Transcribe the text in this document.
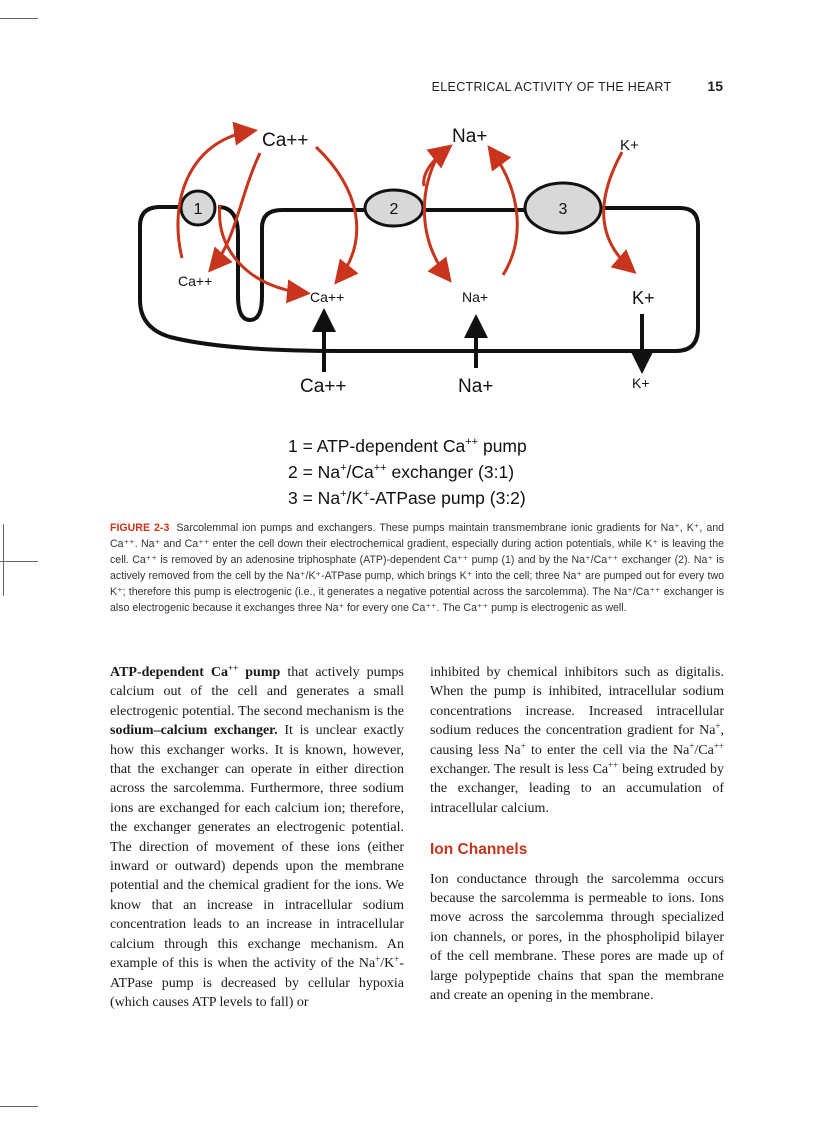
ELECTRICAL ACTIVITY OF THE HEART	15
1	2	3
Ca++	Na+	K+
Ca++
Ca++	Na+	K+
Ca++	Na+	K+
1 = ATP-dependent Ca++ pump
2 = Na+/Ca++ exchanger (3:1)
3 = Na+/K+-ATPase pump (3:2)
FIGURE 2-3 Sarcolemmal ion pumps and exchangers. These pumps maintain transmembrane ionic gradients for Na⁺, K⁺, and Ca⁺⁺. Na⁺ and Ca⁺⁺ enter the cell down their electrochemical gradient, especially during action potentials, while K⁺ is leaving the cell. Ca⁺⁺ is removed by an adenosine triphosphate (ATP)-dependent Ca⁺⁺ pump (1) and by the Na⁺/Ca⁺⁺ exchanger (2). Na⁺ is actively removed from the cell by the Na⁺/K⁺-ATPase pump, which brings K⁺ into the cell; three Na⁺ are pumped out for every two K⁺; therefore this pump is electrogenic (i.e., it generates a negative potential across the sarcolemma). The Na⁺/Ca⁺⁺ exchanger is also electrogenic because it exchanges three Na⁺ for every one Ca⁺⁺. The Ca⁺⁺ pump is electrogenic as well.

ATP-dependent Ca++ pump that actively pumps calcium out of the cell and generates a small electrogenic potential. The second mechanism is the sodium–calcium exchanger. It is unclear exactly how this exchanger works. It is known, however, that the exchanger can operate in either direction across the sarcolemma. Furthermore, three sodium ions are exchanged for each calcium ion; therefore, the exchanger generates an electrogenic potential. The direction of movement of these ions (either inward or outward) depends upon the membrane potential and the chemical gradient for the ions. We know that an increase in intracellular sodium concentration leads to an increase in intracellular calcium through this exchange mechanism. An example of this is when the activity of the Na+/K+-ATPase pump is decreased by cellular hypoxia (which causes ATP levels to fall) or

inhibited by chemical inhibitors such as digitalis. When the pump is inhibited, intracellular sodium concentrations increase. Increased intracellular sodium reduces the concentration gradient for Na+, causing less Na+ to enter the cell via the Na+/Ca++ exchanger. The result is less Ca++ being extruded by the exchanger, leading to an accumulation of intracellular calcium.

Ion Channels

Ion conductance through the sarcolemma occurs because the sarcolemma is permeable to ions. Ions move across the sarcolemma through specialized ion channels, or pores, in the phospholipid bilayer of the cell membrane. These pores are made up of large polypeptide chains that span the membrane and create an opening in the membrane.
